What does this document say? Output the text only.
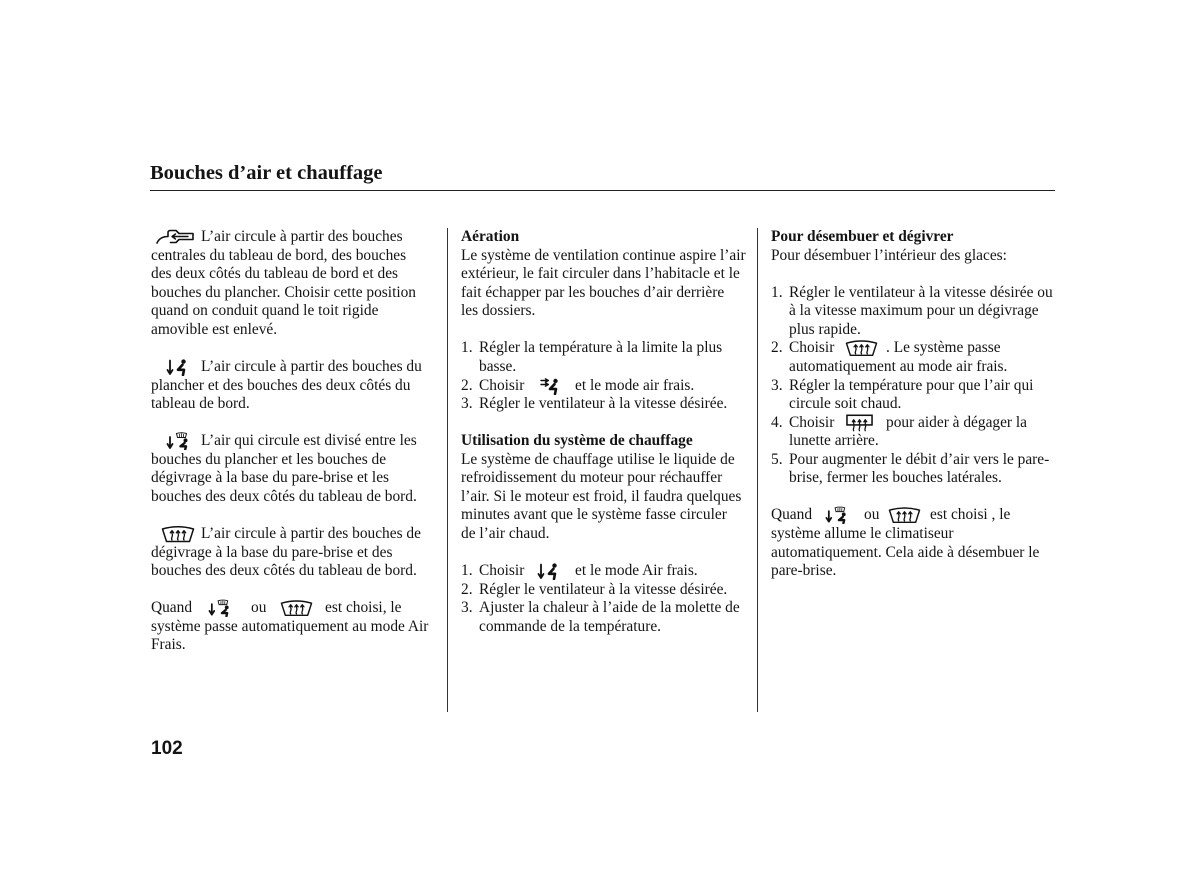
Bouches d’air et chauffage
L’air circule à partir des bouches
centrales du tableau de bord, des bouches
des deux côtés du tableau de bord et des
bouches du plancher. Choisir cette position
quand on conduit quand le toit rigide
amovible est enlevé.
L’air circule à partir des bouches du
plancher et des bouches des deux côtés du
tableau de bord.
L’air qui circule est divisé entre les
bouches du plancher et les bouches de
dégivrage à la base du pare-brise et les
bouches des deux côtés du tableau de bord.
L’air circule à partir des bouches de
dégivrage à la base du pare-brise et des
bouches des deux côtés du tableau de bord.
Quand	ou	est choisi, le
système passe automatiquement au mode Air
Frais.
Aération
Le système de ventilation continue aspire l’air
extérieur, le fait circuler dans l’habitacle et le
fait échapper par les bouches d’air derrière
les dossiers.
1. Régler la température à la limite la plus
basse.
2. Choisir	et le mode air frais.
3. Régler le ventilateur à la vitesse désirée.
Utilisation du système de chauffage
Le système de chauffage utilise le liquide de
refroidissement du moteur pour réchauffer
l’air. Si le moteur est froid, il faudra quelques
minutes avant que le système fasse circuler
de l’air chaud.
1. Choisir	et le mode Air frais.
2. Régler le ventilateur à la vitesse désirée.
3. Ajuster la chaleur à l’aide de la molette de
commande de la température.
Pour désembuer et dégivrer
Pour désembuer l’intérieur des glaces:
1. Régler le ventilateur à la vitesse désirée ou
à la vitesse maximum pour un dégivrage
plus rapide.
2. Choisir	. Le système passe
automatiquement au mode air frais.
3. Régler la température pour que l’air qui
circule soit chaud.
4. Choisir	pour aider à dégager la
lunette arrière.
5. Pour augmenter le débit d’air vers le pare-
brise, fermer les bouches latérales.
Quand	ou	est choisi , le
système allume le climatiseur
automatiquement. Cela aide à désembuer le
pare-brise.
102
